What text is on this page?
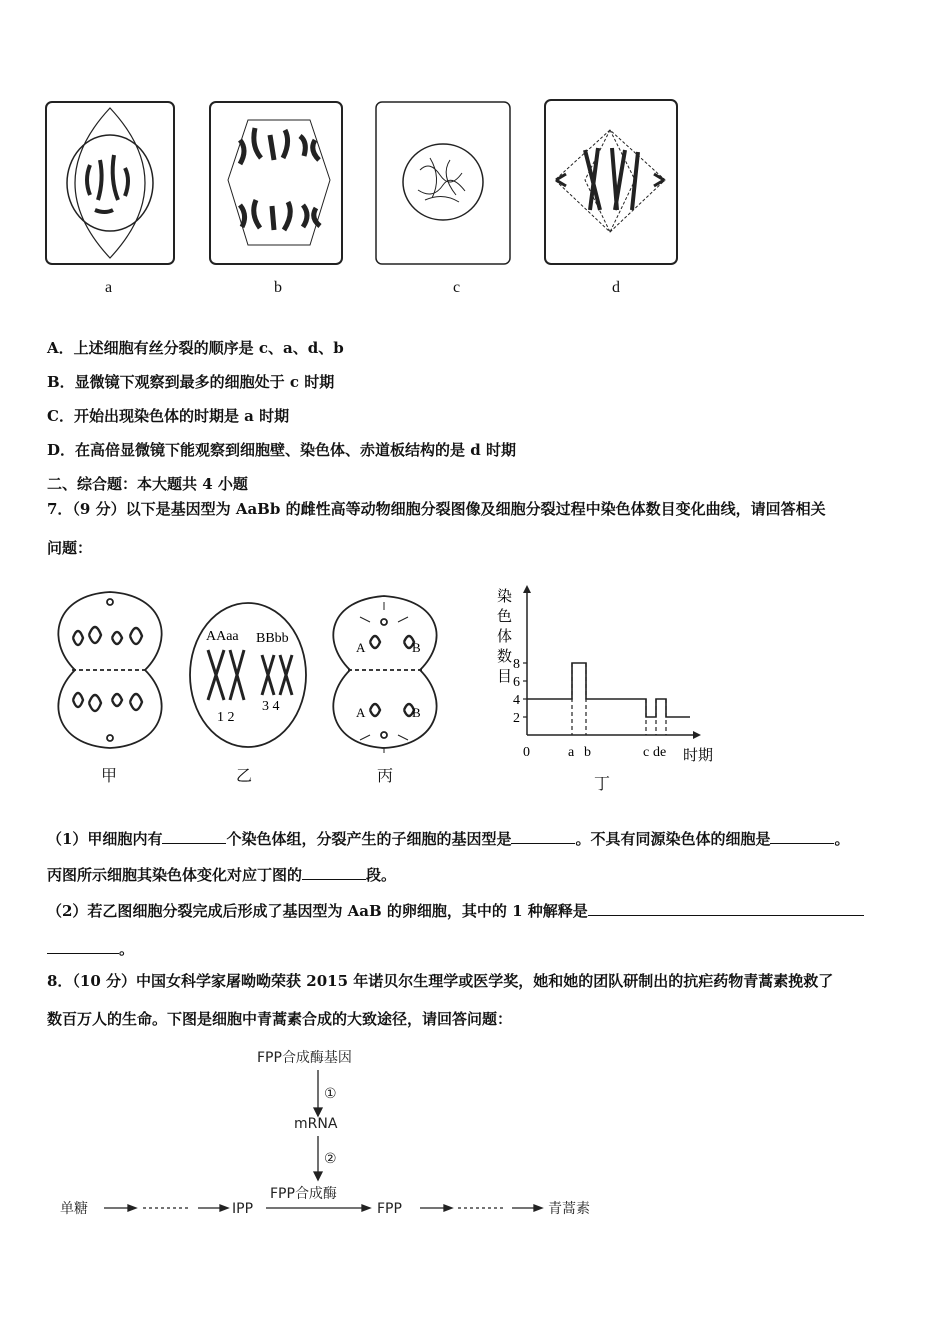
a	b	c	d
A．上述细胞有丝分裂的顺序是 c、a、d、b
B．显微镜下观察到最多的细胞处于 c 时期
C．开始出现染色体的时期是 a 时期
D．在高倍显微镜下能观察到细胞壁、染色体、赤道板结构的是 d 时期
二、综合题：本大题共 4 小题
7．（9 分）以下是基因型为 AaBb 的雌性高等动物细胞分裂图像及细胞分裂过程中染色体数目变化曲线，请回答相关
问题：
AAaa BBbb
1 2
3 4
A	B
A	B	2
4
6
8
0	a b	c de 时期
染
色
体
数
目
甲	乙	丙	丁
（1）甲细胞内有	个染色体组，分裂产生的子细胞的基因型是	。不具有同源染色体的细胞是	。
丙图所示细胞其染色体变化对应丁图的	段。
（2）若乙图细胞分裂完成后形成了基因型为 AaB 的卵细胞，其中的 1 种解释是
。
8．（10 分）中国女科学家屠呦呦荣获 2015 年诺贝尔生理学或医学奖，她和她的团队研制出的抗疟药物青蒿素挽救了
数百万人的生命。下图是细胞中青蒿素合成的大致途径，请回答问题：
FPP合成酶基因
①
mRNA
②
FPP合成酶
单糖	IPP	FPP	青蒿素
